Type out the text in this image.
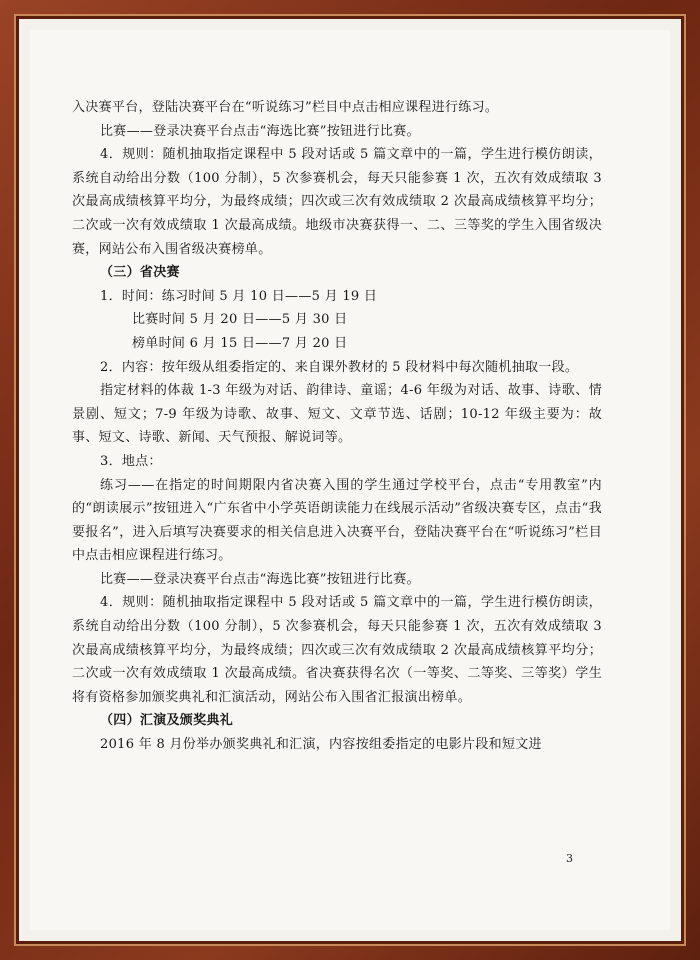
入决赛平台，登陆决赛平台在“听说练习”栏目中点击相应课程进行练习。

比赛——登录决赛平台点击“海选比赛”按钮进行比赛。

4．规则：随机抽取指定课程中 5 段对话或 5 篇文章中的一篇，学生进行模仿朗读，系统自动给出分数（100 分制），5 次参赛机会，每天只能参赛 1 次，五次有效成绩取 3 次最高成绩核算平均分，为最终成绩；四次或三次有效成绩取 2 次最高成绩核算平均分；二次或一次有效成绩取 1 次最高成绩。地级市决赛获得一、二、三等奖的学生入围省级决赛，网站公布入围省级决赛榜单。

（三）省决赛

1．时间：练习时间 5 月 10 日——5 月 19 日

比赛时间 5 月 20 日——5 月 30 日

榜单时间 6 月 15 日——7 月 20 日

2．内容：按年级从组委指定的、来自课外教材的 5 段材料中每次随机抽取一段。

指定材料的体裁 1-3 年级为对话、韵律诗、童谣；4-6 年级为对话、故事、诗歌、情景剧、短文；7-9 年级为诗歌、故事、短文、文章节选、话剧；10-12 年级主要为：故事、短文、诗歌、新闻、天气预报、解说词等。

3．地点：

练习——在指定的时间期限内省决赛入围的学生通过学校平台，点击“专用教室”内的“朗读展示”按钮进入“广东省中小学英语朗读能力在线展示活动”省级决赛专区，点击“我要报名”，进入后填写决赛要求的相关信息进入决赛平台，登陆决赛平台在“听说练习”栏目中点击相应课程进行练习。

比赛——登录决赛平台点击“海选比赛”按钮进行比赛。

4．规则：随机抽取指定课程中 5 段对话或 5 篇文章中的一篇，学生进行模仿朗读，系统自动给出分数（100 分制），5 次参赛机会，每天只能参赛 1 次，五次有效成绩取 3 次最高成绩核算平均分，为最终成绩；四次或三次有效成绩取 2 次最高成绩核算平均分；二次或一次有效成绩取 1 次最高成绩。省决赛获得名次（一等奖、二等奖、三等奖）学生将有资格参加颁奖典礼和汇演活动，网站公布入围省汇报演出榜单。

（四）汇演及颁奖典礼

2016 年 8 月份举办颁奖典礼和汇演，内容按组委指定的电影片段和短文进

3
